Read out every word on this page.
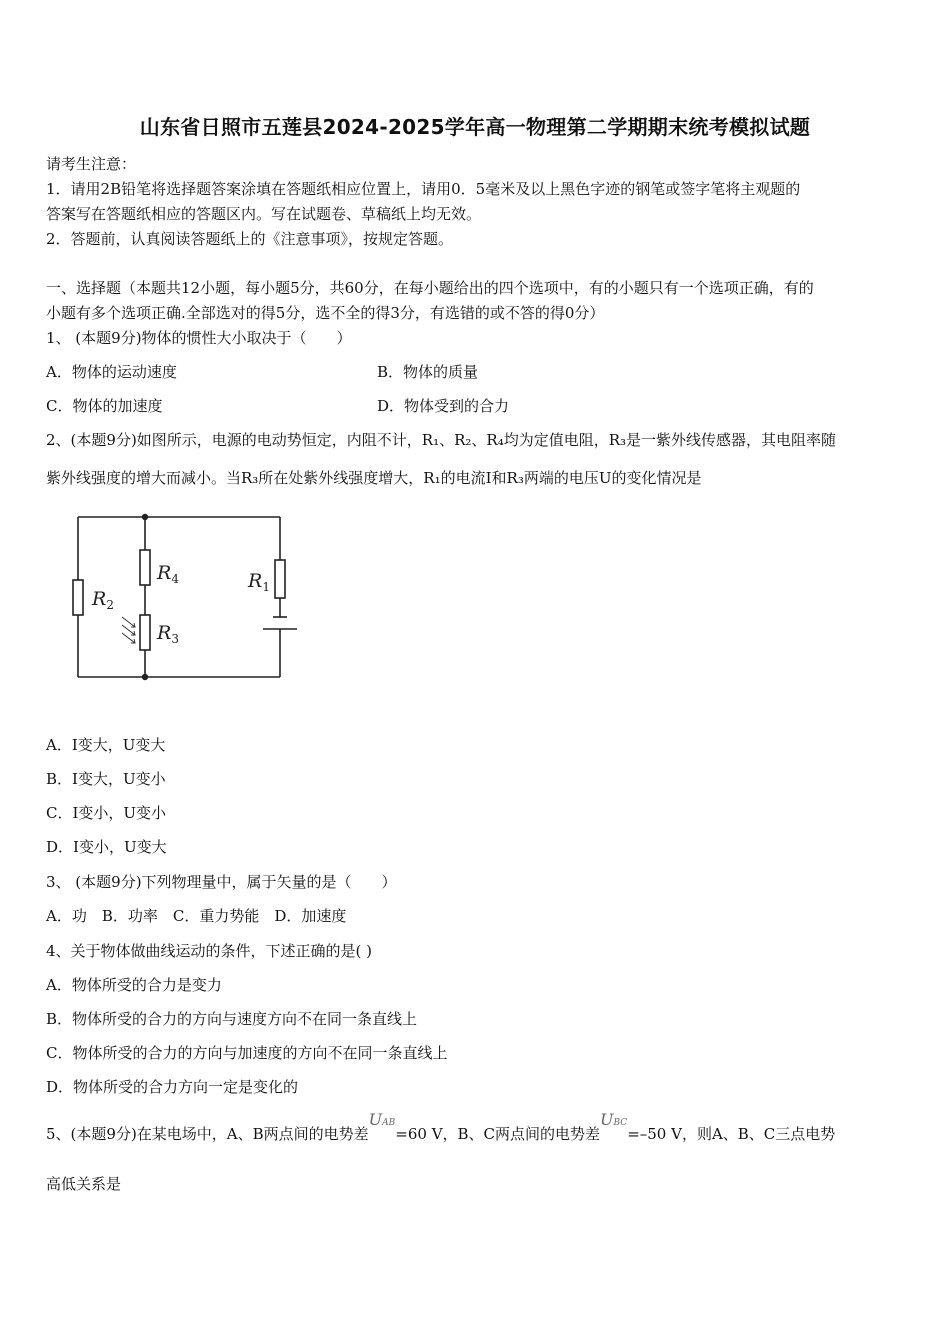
山东省日照市五莲县2024-2025学年高一物理第二学期期末统考模拟试题
请考生注意：
1．请用2B铅笔将选择题答案涂填在答题纸相应位置上，请用0．5毫米及以上黑色字迹的钢笔或签字笔将主观题的
答案写在答题纸相应的答题区内。写在试题卷、草稿纸上均无效。
2．答题前，认真阅读答题纸上的《注意事项》，按规定答题。
一、选择题（本题共12小题，每小题5分，共60分，在每小题给出的四个选项中，有的小题只有一个选项正确，有的
小题有多个选项正确.全部选对的得5分，选不全的得3分，有选错的或不答的得0分）
1、 (本题9分)物体的惯性大小取决于（　　）
A．物体的运动速度	B．物体的质量
C．物体的加速度	D．物体受到的合力
2、(本题9分)如图所示，电源的电动势恒定，内阻不计，R₁、R₂、R₄均为定值电阻，R₃是一紫外线传感器，其电阻率随
紫外线强度的增大而减小。当R₃所在处紫外线强度增大，R₁的电流I和R₃两端的电压U的变化情况是
$R_2$
$R_4$
$R_3$
$R_1$
A．I变大，U变大
B．I变大，U变小
C．I变小，U变小
D．I变小，U变大
3、 (本题9分)下列物理量中，属于矢量的是（　　）
A．功　B．功率　C．重力势能　D．加速度
4、关于物体做曲线运动的条件，下述正确的是( )
A．物体所受的合力是变力
B．物体所受的合力的方向与速度方向不在同一条直线上
C．物体所受的合力的方向与加速度的方向不在同一条直线上
D．物体所受的合力方向一定是变化的
5、(本题9分)在某电场中，A、B两点间的电势差UAB=60 V，B、C两点间的电势差UBC=–50 V，则A、B、C三点电势
高低关系是
